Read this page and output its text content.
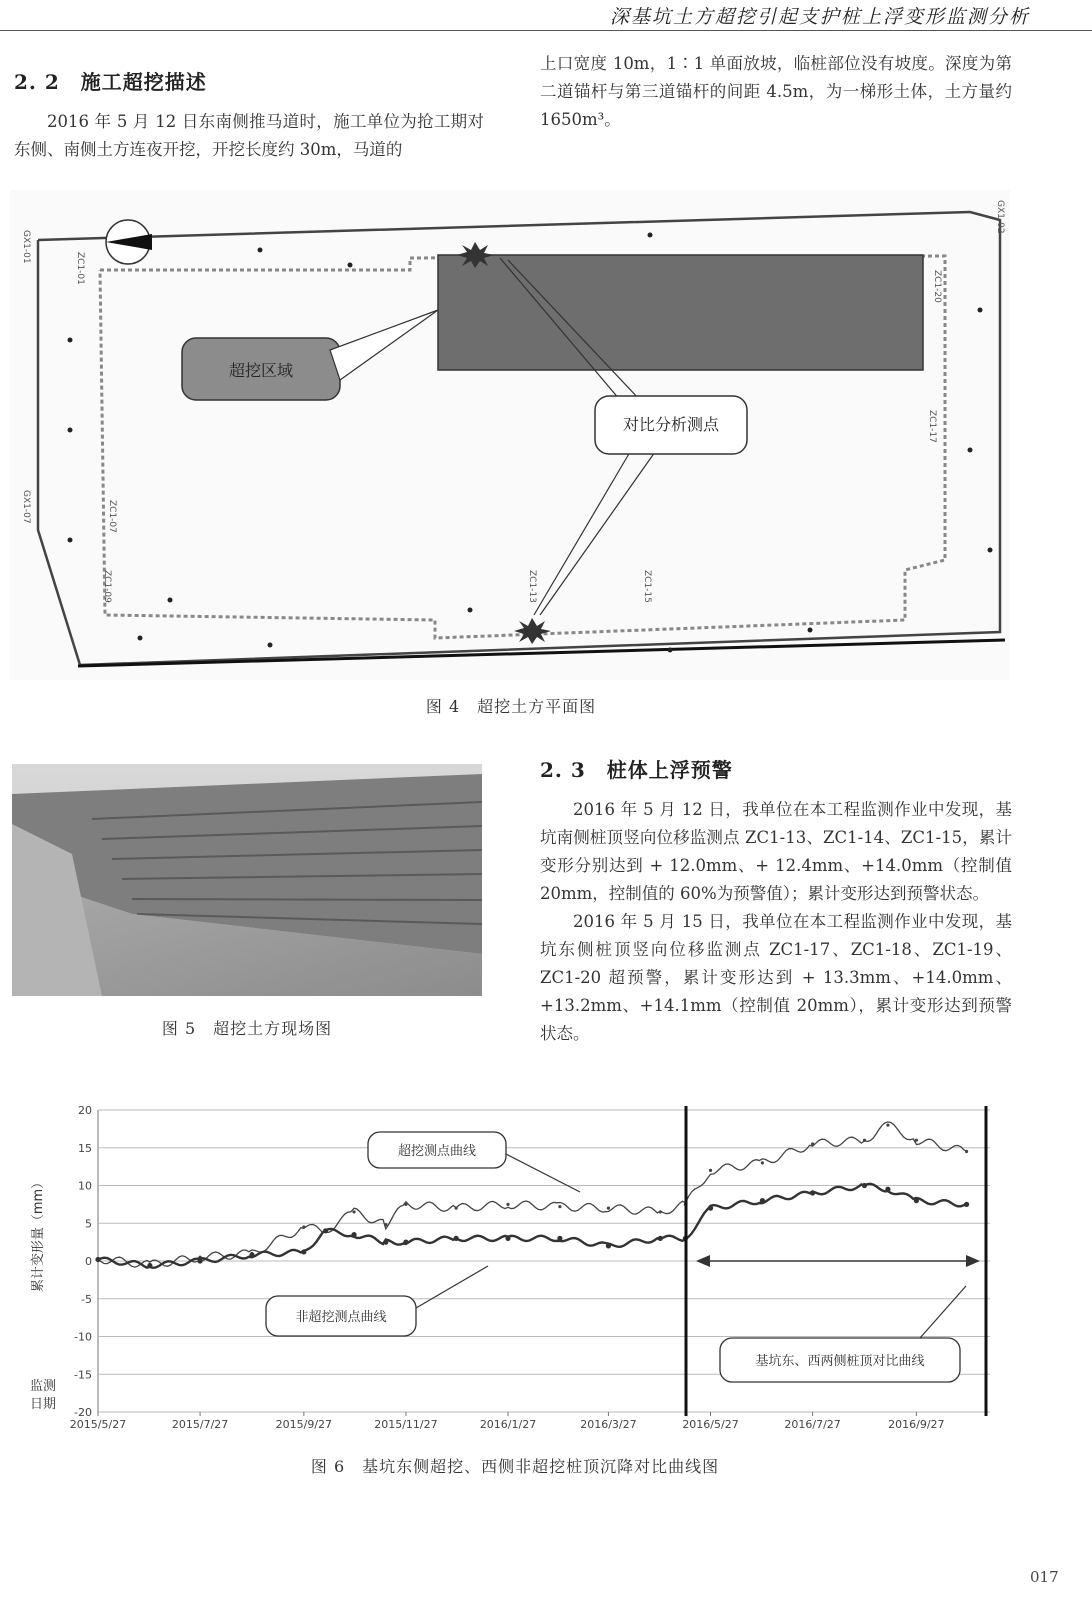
深基坑土方超挖引起支护桩上浮变形监测分析
2. 2　施工超挖描述

2016 年 5 月 12 日东南侧推马道时，施工单位为抢工期对东侧、南侧土方连夜开挖，开挖长度约 30m，马道的

上口宽度 10m，1∶1 单面放坡，临桩部位没有坡度。深度为第二道锚杆与第三道锚杆的间距 4.5m，为一梯形土体，土方量约 1650m³。

超挖区域
对比分析测点
GX1-01
GX1-07
GX1-02
ZC1-01
ZC1-07
ZC1-09	ZC1-13
ZC1-20
ZC1-15
ZC1-17
图 4　超挖土方平面图
图 5　超挖土方现场图
2. 3　桩体上浮预警

2016 年 5 月 12 日，我单位在本工程监测作业中发现，基坑南侧桩顶竖向位移监测点 ZC1-13、ZC1-14、ZC1-15，累计变形分别达到 + 12.0mm、+ 12.4mm、+14.0mm（控制值 20mm，控制值的 60%为预警值）；累计变形达到预警状态。

2016 年 5 月 15 日，我单位在本工程监测作业中发现，基坑东侧桩顶竖向位移监测点 ZC1-17、ZC1-18、ZC1-19、ZC1-20 超预警，累计变形达到 + 13.3mm、+14.0mm、+13.2mm、+14.1mm（控制值 20mm），累计变形达到预警状态。

20
15
10
5
0
-5
-10
-15
-20
2015/5/27	2015/7/27	2015/9/27	2015/11/27	2016/1/27	2016/3/27	2016/5/27	2016/7/27	2016/9/27
累计变形量（mm）
监测日期
超挖测点曲线
非超挖测点曲线
基坑东、西两侧桩顶对比曲线
图 6　基坑东侧超挖、西侧非超挖桩顶沉降对比曲线图
017
